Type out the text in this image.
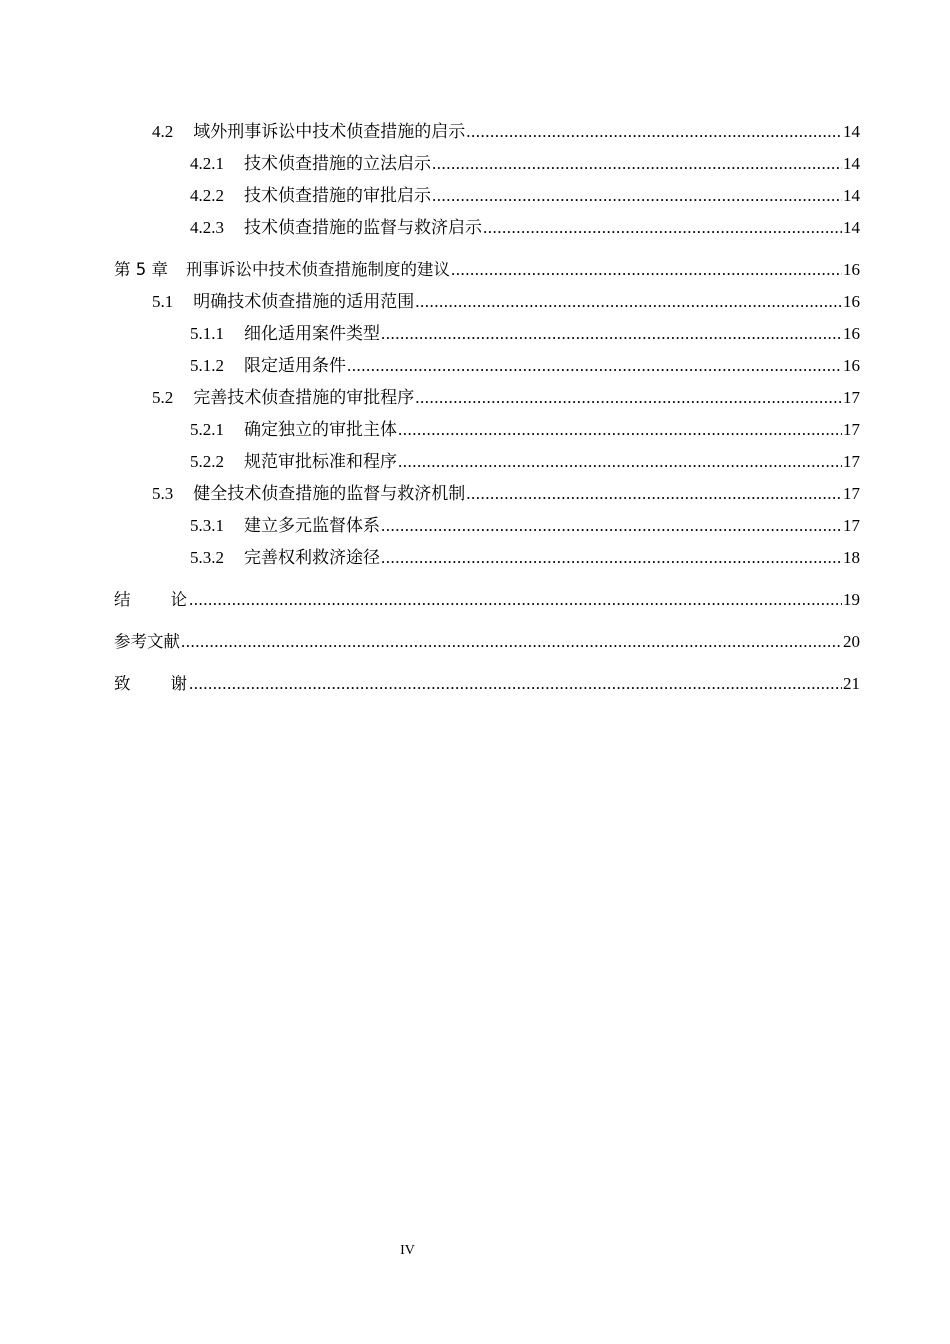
4.2 域外刑事诉讼中技术侦查措施的启示 .....	14
4.2.1 技术侦查措施的立法启示 .....	14
4.2.2 技术侦查措施的审批启示 .....	14
4.2.3 技术侦查措施的监督与救济启示 .....	14
第 5 章 刑事诉讼中技术侦查措施制度的建议 .....	16
5.1 明确技术侦查措施的适用范围 .....	16
5.1.1 细化适用案件类型 .....	16
5.1.2 限定适用条件 .....	16
5.2 完善技术侦查措施的审批程序 .....	17
5.2.1 确定独立的审批主体 .....	17
5.2.2 规范审批标准和程序 .....	17
5.3 健全技术侦查措施的监督与救济机制 .....	17
5.3.1 建立多元监督体系 .....	17
5.3.2 完善权利救济途径 .....	18
结论 .....	19
参考文献 .....	20
致谢 .....	21
IV
